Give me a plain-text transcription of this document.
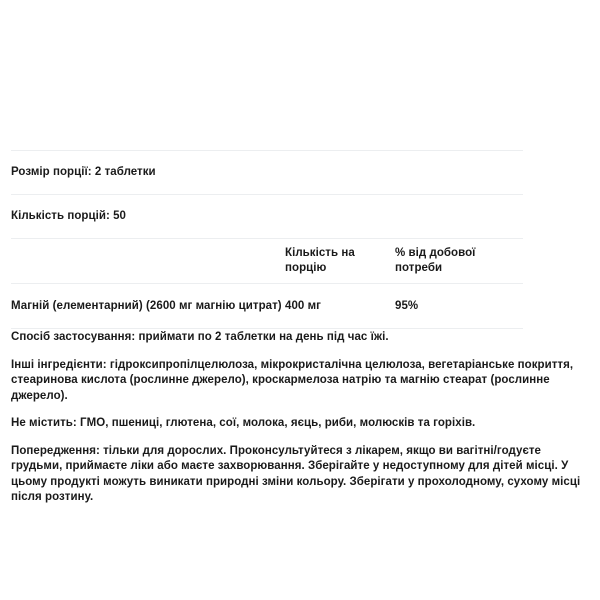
Розмір порції: 2 таблетки
Кількість порцій: 50
Кількість на порцію
% від добової потреби
Магній (елементарний) (2600 мг магнію цитрат) 400 мг	95%

Спосіб застосування: приймати по 2 таблетки на день під час їжі.

Інші інгредієнти: гідроксипропілцелюлоза, мікрокристалічна целюлоза, вегетаріанське покриття, стеаринова кислота (рослинне джерело), кроскармелоза натрію та магнію стеарат (рослинне джерело).

Не містить: ГМО, пшениці, глютена, сої, молока, яєць, риби, молюсків та горіхів.

Попередження: тільки для дорослих. Проконсультуйтеся з лікарем, якщо ви вагітні/годуєте грудьми, приймаєте ліки або маєте захворювання. Зберігайте у недоступному для дітей місці. У цьому продукті можуть виникати природні зміни кольору. Зберігати у прохолодному, сухому місці після розтину.
